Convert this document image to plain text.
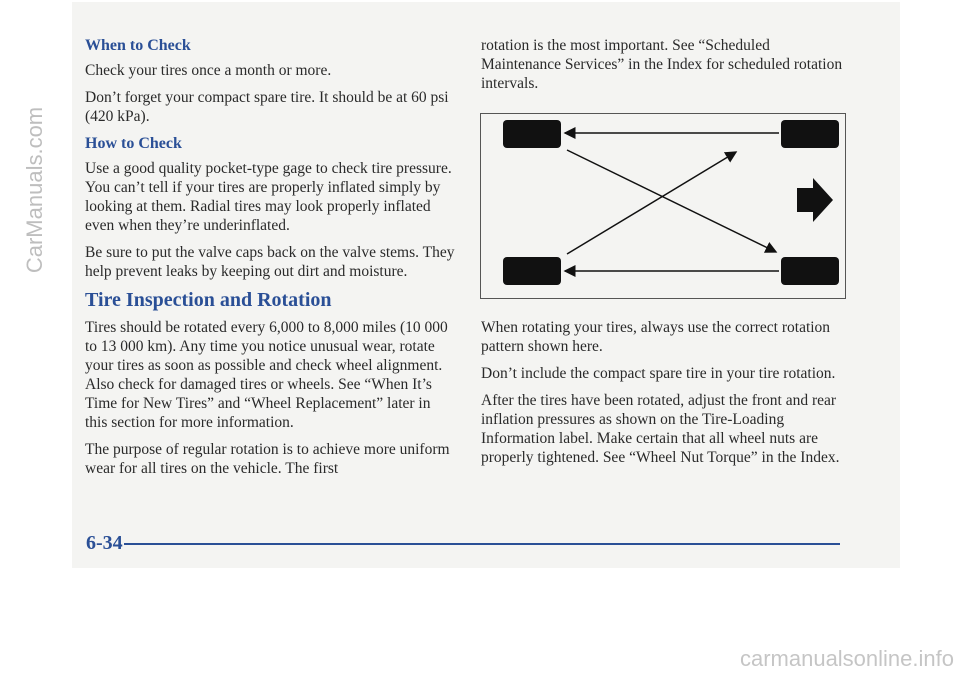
When to Check

Check your tires once a month or more.

Don’t forget your compact spare tire. It should be at 60 psi (420 kPa).

How to Check

Use a good quality pocket-type gage to check tire pressure. You can’t tell if your tires are properly inflated simply by looking at them. Radial tires may look properly inflated even when they’re underinflated.

Be sure to put the valve caps back on the valve stems. They help prevent leaks by keeping out dirt and moisture.

Tire Inspection and Rotation

Tires should be rotated every 6,000 to 8,000 miles (10 000 to 13 000 km). Any time you notice unusual wear, rotate your tires as soon as possible and check wheel alignment. Also check for damaged tires or wheels. See “When It’s Time for New Tires” and “Wheel Replacement” later in this section for more information.

The purpose of regular rotation is to achieve more uniform wear for all tires on the vehicle. The first

rotation is the most important. See “Scheduled Maintenance Services” in the Index for scheduled rotation intervals.

When rotating your tires, always use the correct rotation pattern shown here.

Don’t include the compact spare tire in your tire rotation.

After the tires have been rotated, adjust the front and rear inflation pressures as shown on the Tire-Loading Information label. Make certain that all wheel nuts are properly tightened. See “Wheel Nut Torque” in the Index.

6-34
CarManuals.com
carmanualsonline.info
